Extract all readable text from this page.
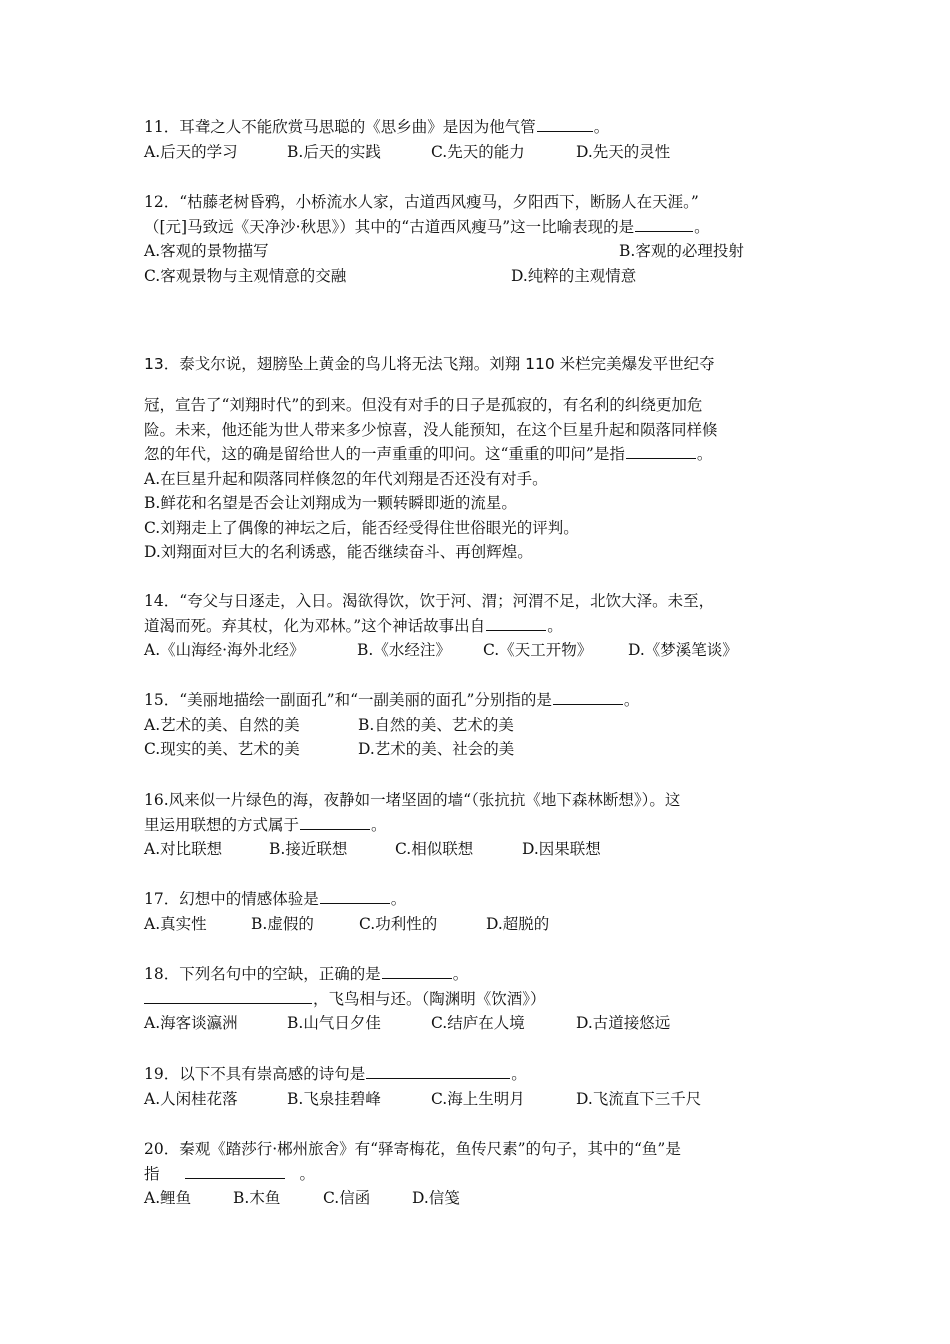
11．耳聋之人不能欣赏马思聪的《思乡曲》是因为他气管	。
A.后天的学习	B.后天的实践	C.先天的能力	D.先天的灵性
12．“枯藤老树昏鸦，小桥流水人家，古道西风瘦马，夕阳西下，断肠人在天涯。”
（[元]马致远《天净沙·秋思》）其中的“古道西风瘦马”这一比喻表现的是	。
A.客观的景物描写	B.客观的必理投射
C.客观景物与主观情意的交融	D.纯粹的主观情意
13．泰戈尔说，翅膀坠上黄金的鸟儿将无法飞翔。刘翔 110 米栏完美爆发平世纪夺
冠，宣告了“刘翔时代”的到来。但没有对手的日子是孤寂的，有名利的纠绕更加危
险。未来，他还能为世人带来多少惊喜，没人能预知，在这个巨星升起和陨落同样倏
忽的年代，这的确是留给世人的一声重重的叩问。这“重重的叩问”是指	。
A.在巨星升起和陨落同样倏忽的年代刘翔是否还没有对手。
B.鲜花和名望是否会让刘翔成为一颗转瞬即逝的流星。
C.刘翔走上了偶像的神坛之后，能否经受得住世俗眼光的评判。
D.刘翔面对巨大的名利诱惑，能否继续奋斗、再创辉煌。
14．“夸父与日逐走，入日。渴欲得饮，饮于河、渭；河渭不足，北饮大泽。未至，
道渴而死。弃其杖，化为邓林。”这个神话故事出自	。
A.《山海经·海外北经》	B.《水经注》 C.《天工开物》 D.《梦溪笔谈》
15．“美丽地描绘一副面孔”和“一副美丽的面孔”分别指的是	。
A.艺术的美、自然的美	B.自然的美、艺术的美
C.现实的美、艺术的美	D.艺术的美、社会的美
16.风来似一片绿色的海，夜静如一堵坚固的墙“（张抗抗《地下森林断想》）。这
里运用联想的方式属于	。
A.对比联想	B.接近联想	C.相似联想	D.因果联想
17．幻想中的情感体验是	。
A.真实性	B.虚假的	C.功利性的	D.超脱的
18．下列名句中的空缺，正确的是	。
，飞鸟相与还。（陶渊明《饮酒》）
A.海客谈瀛洲	B.山气日夕佳	C.结庐在人境	D.古道接悠远
19．以下不具有崇高感的诗句是	。
A.人闲桂花落	B.飞泉挂碧峰	C.海上生明月	D.飞流直下三千尺
20．秦观《踏莎行·郴州旅舍》有“驿寄梅花，鱼传尺素”的句子，其中的“鱼”是
指	。
A.鲤鱼	B.木鱼	C.信函	D.信笺
